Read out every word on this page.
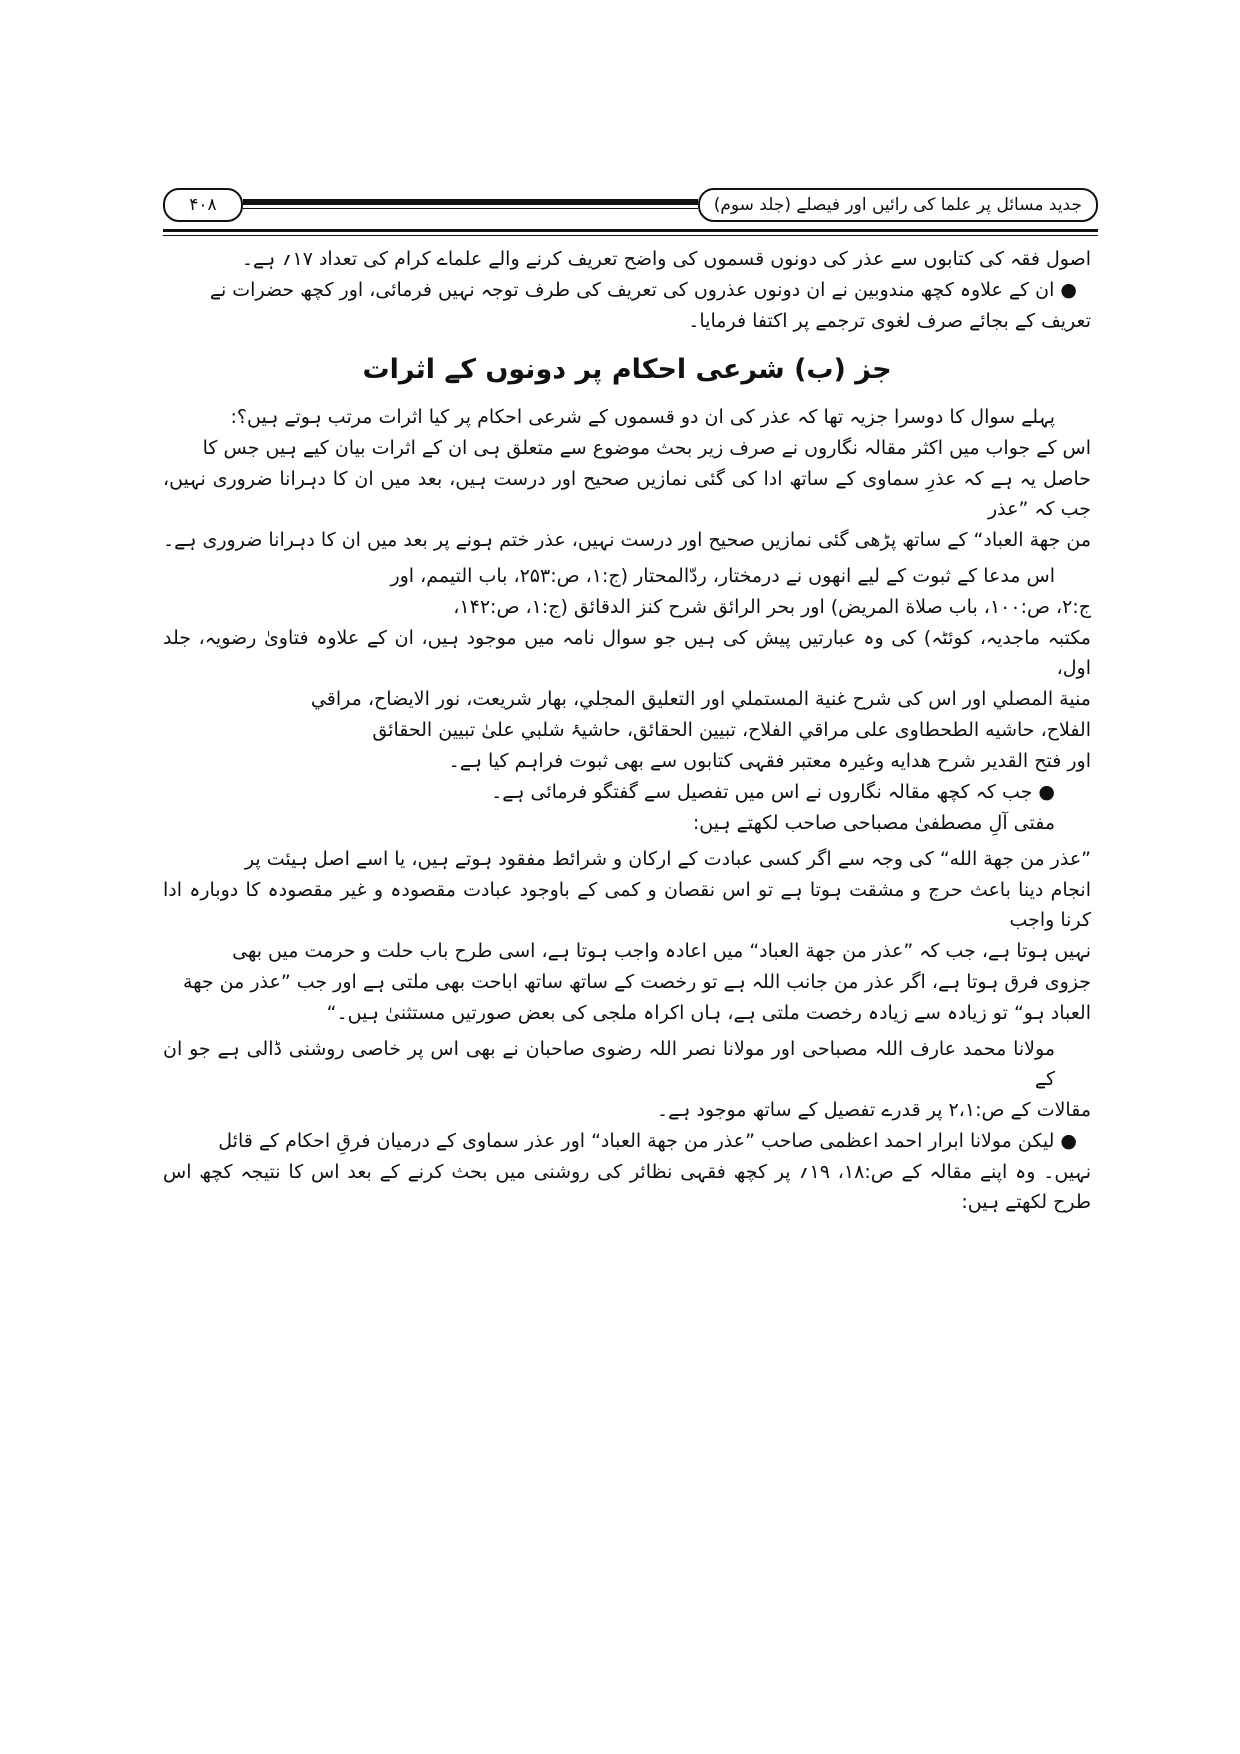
۴۰۸	جدید مسائل پر علما کی رائیں اور فیصلے (جلد سوم)
اصول فقہ کی کتابوں سے عذر کی دونوں قسموں کی واضح تعریف کرنے والے علماے کرام کی تعداد ۱۷؍ ہے۔
● ان کے علاوہ کچھ مندوبین نے ان دونوں عذروں کی تعریف کی طرف توجہ نہیں فرمائی، اور کچھ حضرات نے
تعریف کے بجائے صرف لغوی ترجمے پر اکتفا فرمایا۔
جز (ب) شرعی احکام پر دونوں کے اثرات
پہلے سوال کا دوسرا جزیہ تھا کہ عذر کی ان دو قسموں کے شرعی احکام پر کیا اثرات مرتب ہوتے ہیں؟:
اس کے جواب میں اکثر مقالہ نگاروں نے صرف زیر بحث موضوع سے متعلق ہی ان کے اثرات بیان کیے ہیں جس کا
حاصل یہ ہے کہ عذرِ سماوی کے ساتھ ادا کی گئی نمازیں صحیح اور درست ہیں، بعد میں ان کا دہرانا ضروری نہیں، جب کہ ”عذر
من جهة العباد“ کے ساتھ پڑھی گئی نمازیں صحیح اور درست نہیں، عذر ختم ہونے پر بعد میں ان کا دہرانا ضروری ہے۔
اس مدعا کے ثبوت کے لیے انھوں نے درمختار، ردّالمحتار (ج:۱، ص:۲۵۳، باب التيمم، اور
ج:۲، ص:۱۰۰، باب صلاة المريض) اور بحر الرائق شرح كنز الدقائق (ج:۱، ص:۱۴۲،
مکتبہ ماجدیہ، کوئٹہ) کی وہ عبارتیں پیش کی ہیں جو سوال نامہ میں موجود ہیں، ان کے علاوہ فتاویٰ رضویہ، جلد اول،
منية المصلي اور اس کی شرح غنية المستملي اور التعليق المجلي، بهار شريعت، نور الايضاح، مراقي
الفلاح، حاشيه الطحطاوى على مراقي الفلاح، تبيين الحقائق، حاشيۂ شلبي علىٰ تبيين الحقائق
اور فتح القدير شرح هدايه وغیرہ معتبر فقہی کتابوں سے بھی ثبوت فراہم کیا ہے۔
● جب کہ کچھ مقالہ نگاروں نے اس میں تفصیل سے گفتگو فرمائی ہے۔
مفتی آلِ مصطفیٰ مصباحی صاحب لکھتے ہیں:
”عذر من جهة الله“ کی وجہ سے اگر کسی عبادت کے ارکان و شرائط مفقود ہوتے ہیں، یا اسے اصل ہیئت پر
انجام دینا باعث حرج و مشقت ہوتا ہے تو اس نقصان و کمی کے باوجود عبادت مقصودہ و غیر مقصودہ کا دوبارہ ادا کرنا واجب
نہیں ہوتا ہے، جب کہ ”عذر من جهة العباد“ میں اعادہ واجب ہوتا ہے، اسی طرح باب حلت و حرمت میں بھی
جزوی فرق ہوتا ہے، اگر عذر من جانب اللہ ہے تو رخصت کے ساتھ ساتھ اباحت بھی ملتی ہے اور جب ”عذر من جهة
العباد ہو“ تو زیادہ سے زیادہ رخصت ملتی ہے، ہاں اکراہ ملجی کی بعض صورتیں مستثنیٰ ہیں۔“
مولانا محمد عارف اللہ مصباحی اور مولانا نصر اللہ رضوی صاحبان نے بھی اس پر خاصی روشنی ڈالی ہے جو ان کے
مقالات کے ص:۲،۱ پر قدرے تفصیل کے ساتھ موجود ہے۔
● لیکن مولانا ابرار احمد اعظمی صاحب ”عذر من جهة العباد“ اور عذر سماوی کے درمیان فرقِ احکام کے قائل
نہیں۔ وہ اپنے مقالہ کے ص:۱۸، ۱۹؍ پر کچھ فقہی نظائر کی روشنی میں بحث کرنے کے بعد اس کا نتیجہ کچھ اس طرح لکھتے ہیں:
